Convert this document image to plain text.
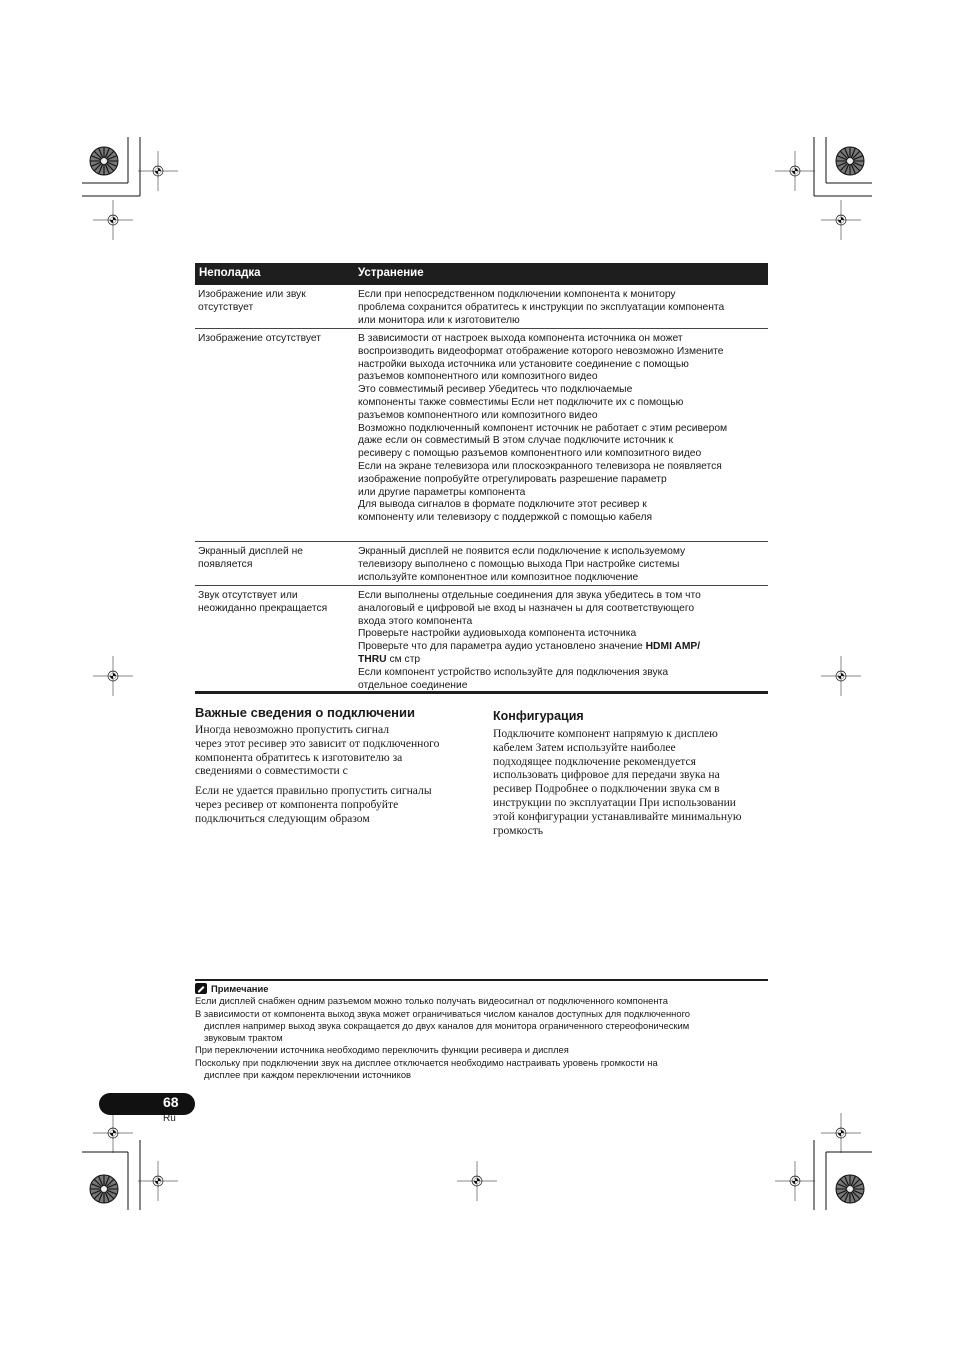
Неполадка	Устранение
Изображение или звук
отсутствует
Если при непосредственном подключении компонента к монитору
проблема сохранится обратитесь к инструкции по эксплуатации компонента
или монитора или к изготовителю
Изображение отсутствует	В зависимости от настроек выхода компонента источника он может
воспроизводить видеоформат отображение которого невозможно Измените
настройки выхода источника или установите соединение с помощью
разъемов компонентного или композитного видео
Это совместимый ресивер Убедитесь что подключаемые
компоненты также совместимы Если нет подключите их с помощью
разъемов компонентного или композитного видео
Возможно подключенный компонент источник не работает с этим ресивером
даже если он совместимый В этом случае подключите источник к
ресиверу с помощью разъемов компонентного или композитного видео
Если на экране телевизора или плоскоэкранного телевизора не появляется
изображение попробуйте отрегулировать разрешение параметр
или другие параметры компонента
Для вывода сигналов в формате подключите этот ресивер к
компоненту или телевизору с поддержкой с помощью кабеля
Экранный дисплей не
появляется
Экранный дисплей не появится если подключение к используемому
телевизору выполнено с помощью выхода При настройке системы
используйте компонентное или композитное подключение
Звук отсутствует или
неожиданно прекращается
Если выполнены отдельные соединения для звука убедитесь в том что
аналоговый е цифровой ые вход ы назначен ы для соответствующего
входа этого компонента
Проверьте настройки аудиовыхода компонента источника
Проверьте что для параметра аудио установлено значение HDMI AMP/
THRU см стр
Если компонент устройство используйте для подключения звука
отдельное соединение
Важные сведения о подключении
Иногда невозможно пропустить сигнал
через этот ресивер это зависит от подключенного
компонента обратитесь к изготовителю за
сведениями о совместимости с
Если не удается правильно пропустить сигналы
через ресивер от компонента попробуйте
подключиться следующим образом
Конфигурация
Подключите компонент напрямую к дисплею
кабелем Затем используйте наиболее
подходящее подключение рекомендуется
использовать цифровое для передачи звука на
ресивер Подробнее о подключении звука см в
инструкции по эксплуатации При использовании
этой конфигурации устанавливайте минимальную
громкость
Примечание
Если дисплей снабжен одним разъемом можно только получать видеосигнал от подключенного компонента
В зависимости от компонента выход звука может ограничиваться числом каналов доступных для подключенного
дисплея например выход звука сокращается до двух каналов для монитора ограниченного стереофоническим
звуковым трактом
При переключении источника необходимо переключить функции ресивера и дисплея
Поскольку при подключении звук на дисплее отключается необходимо настраивать уровень громкости на
дисплее при каждом переключении источников
68
Ru
